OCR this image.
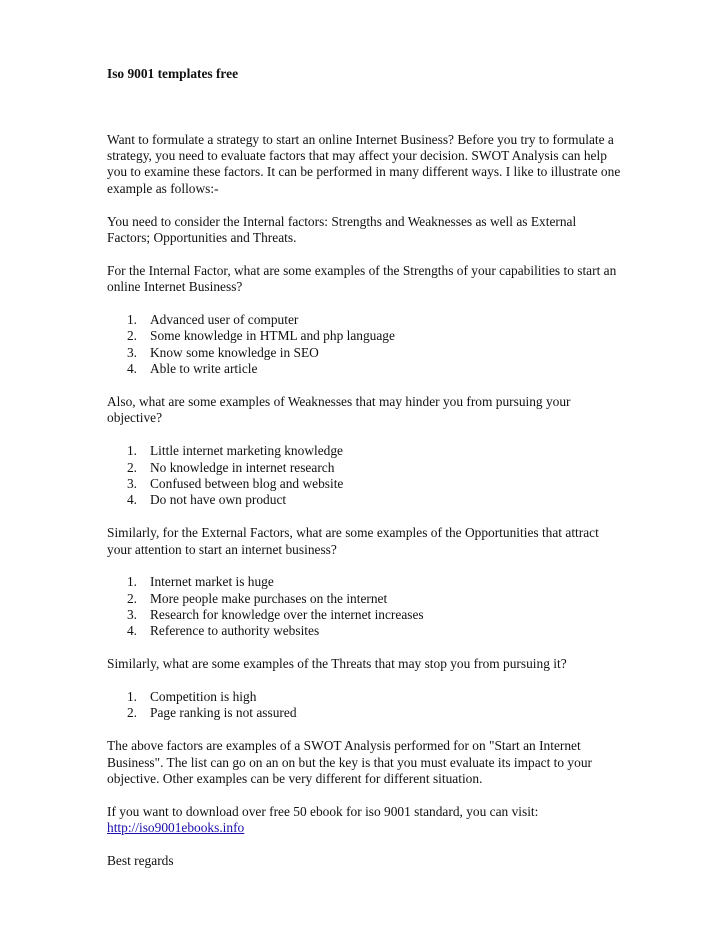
Iso 9001 templates free

Want to formulate a strategy to start an online Internet Business? Before you try to formulate a strategy, you need to evaluate factors that may affect your decision. SWOT Analysis can help you to examine these factors. It can be performed in many different ways. I like to illustrate one example as follows:-

You need to consider the Internal factors: Strengths and Weaknesses as well as External Factors; Opportunities and Threats.

For the Internal Factor, what are some examples of the Strengths of your capabilities to start an online Internet Business?

1. Advanced user of computer
2. Some knowledge in HTML and php language
3. Know some knowledge in SEO
4. Able to write article

Also, what are some examples of Weaknesses that may hinder you from pursuing your objective?

1. Little internet marketing knowledge
2. No knowledge in internet research
3. Confused between blog and website
4. Do not have own product

Similarly, for the External Factors, what are some examples of the Opportunities that attract your attention to start an internet business?

1. Internet market is huge
2. More people make purchases on the internet
3. Research for knowledge over the internet increases
4. Reference to authority websites

Similarly, what are some examples of the Threats that may stop you from pursuing it?

1. Competition is high
2. Page ranking is not assured

The above factors are examples of a SWOT Analysis performed for on "Start an Internet Business". The list can go on an on but the key is that you must evaluate its impact to your objective. Other examples can be very different for different situation.

If you want to download over free 50 ebook for iso 9001 standard, you can visit:
http://iso9001ebooks.info

Best regards
